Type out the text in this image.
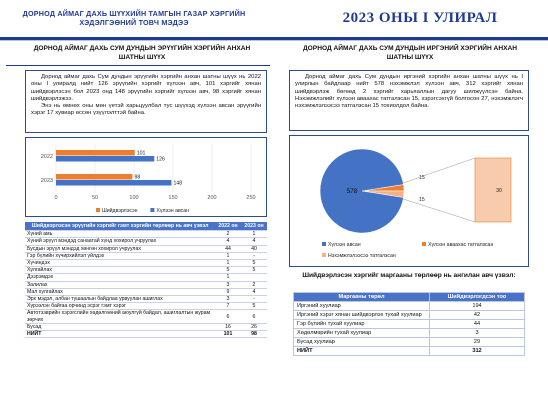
ДОРНОД АЙМАГ ДАХЬ ШҮҮХИЙН ТАМГЫН ГАЗАР ХЭРГИЙН ХЭДЭЛГЭӨНИЙ ТОВЧ МЭДЭЭ	2023 ОНЫ I УЛИРАЛ
ДОРНОД АЙМАГ ДАХЬ СУМ ДУНДЫН ЭРҮҮГИЙН ХЭРГИЙН АНХАН ШАТНЫ ШҮҮХ
Дорнод аймаг дахь Сум дундын эрүүгийн хэргийн анхан шатны шүүх нь 2022 оны I улиралд нийт 126 эрүүгийн хэргийг хүлээн авч, 101 хэргийг хянан шийдвэрлэсэн бол 2023 онд 148 эрүүгийн хэргийг хүлээн авч, 98 хэргийг хянан шийдвэрлэжээ.
Энэ нь өмнөх оны мөн үетэй харьцуулбал тус шүүхэд хүлээн авсан эрүүгийн хэрэг 17 хувиар өссөн үзүүлэлттэй байна.
0	50	100	150	200	250
2022
101
126
2023
98
148
Шийдвэрлэсэн	Хүлээн авсан
Шийдвэрлэсэн эрүүгийн хэргийг гэмт хэргийн төрлөөр нь авч үзвэл	2022 он	2023 он
Хүний амь	2	1
Хүний эрүүл мэндэд санаатай хүнд хохирол учруулах	4	4
Бусдын эрүүл мэндэд хөнгөн хохирол учруулах	44	40
Гэр бүлийн хүчирхийлэл үйлдэх	1	-
Хүчиндэх	1	5
Хулгайлах	5	5
Дээрэмдэх	1	
Залилах	3	2
Мал хулгайлах	9	4
Эрх мэдэл, албан тушаалын байдлаа урвуулан ашиглах	3	-
Хүрээлэн байгаа орчинд эсрэг гэмт хэрэг	7	5
Автотээврийн хэрэгслийн хөдөлгөөний аюулгүй байдал, ашиглалтын журам зөрчих	6	6
Бусад	16	26
НИЙТ	101	98
ДОРНОД АЙМАГ ДАХЬ СУМ ДУНДЫН ИРГЭНИЙ ХЭРГИЙН АНХАН ШАТНЫ ШҮҮХ
Дорнод аймаг дахь Сум дундын иргэний хэргийн анхан шатны шүүх нь I улирлын байдлаар нийт 578 нэхэмжлэл хүлээн авч, 312 хэргийг хянан шийдвэрлэж бөгөөд 2 хэргийг харьяаллын дагуу шилжүүлсэн байна. Нэхэмжлэлийг хүлээн аваахас татгалзсан 15, хэрэгсэхгүй болгосон 27, нэхэмжлэгч нэхэмжлэлээсээ татгалзсан 15 тохиолдол байна.
578
15
15
30
Хүлээн авсан	Хүлээн аваахас татгалзсан
Нэхэмжлэлээсээ татгалзсан
Шийдвэрлэсэн хэргийг маргааны төрлөөр нь ангилан авч үзвэл:
Маргааны төрөл	Шийдвэрлэгдсэн тоо
Иргэний хуулиар	194
Иргэний хэрэг хянан шийдвэрлэх тухай хуулиар	42
Гэр бүлийн тухай хуулиар	44
Хөдөлмөрийн тухай хуулиар	3
Бусад хуулиар	29
НИЙТ	312
